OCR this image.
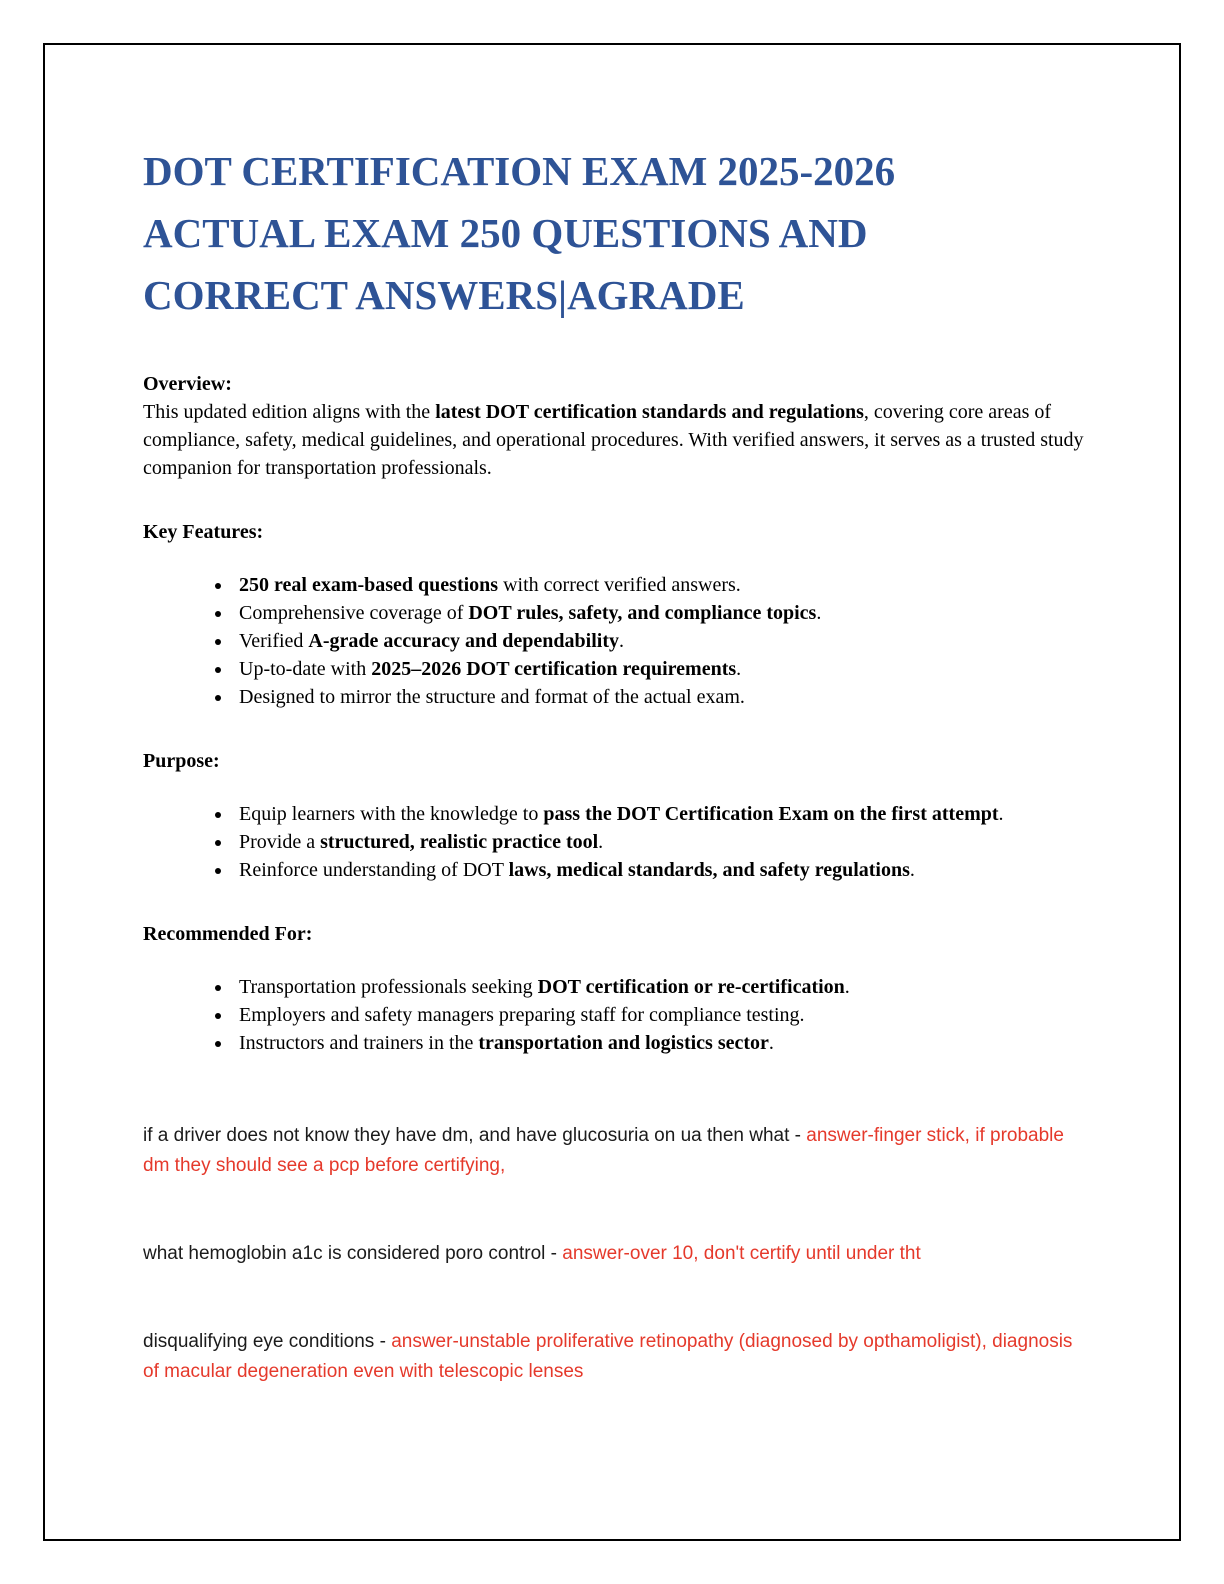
DOT CERTIFICATION EXAM 2025-2026
ACTUAL EXAM 250 QUESTIONS AND
CORRECT ANSWERS|AGRADE
Overview:

This updated edition aligns with the latest DOT certification standards and regulations, covering core areas of compliance, safety, medical guidelines, and operational procedures. With verified answers, it serves as a trusted study companion for transportation professionals.

Key Features:
• 250 real exam-based questions with correct verified answers.
• Comprehensive coverage of DOT rules, safety, and compliance topics.
• Verified A-grade accuracy and dependability.
• Up-to-date with 2025–2026 DOT certification requirements.
• Designed to mirror the structure and format of the actual exam.
Purpose:
• Equip learners with the knowledge to pass the DOT Certification Exam on the first attempt.
• Provide a structured, realistic practice tool.
• Reinforce understanding of DOT laws, medical standards, and safety regulations.
Recommended For:
• Transportation professionals seeking DOT certification or re-certification.
• Employers and safety managers preparing staff for compliance testing.
• Instructors and trainers in the transportation and logistics sector.

if a driver does not know they have dm, and have glucosuria on ua then what - answer-finger stick, if probable dm they should see a pcp before certifying,

what hemoglobin a1c is considered poro control - answer-over 10, don't certify until under tht

disqualifying eye conditions - answer-unstable proliferative retinopathy (diagnosed by opthamoligist), diagnosis of macular degeneration even with telescopic lenses
